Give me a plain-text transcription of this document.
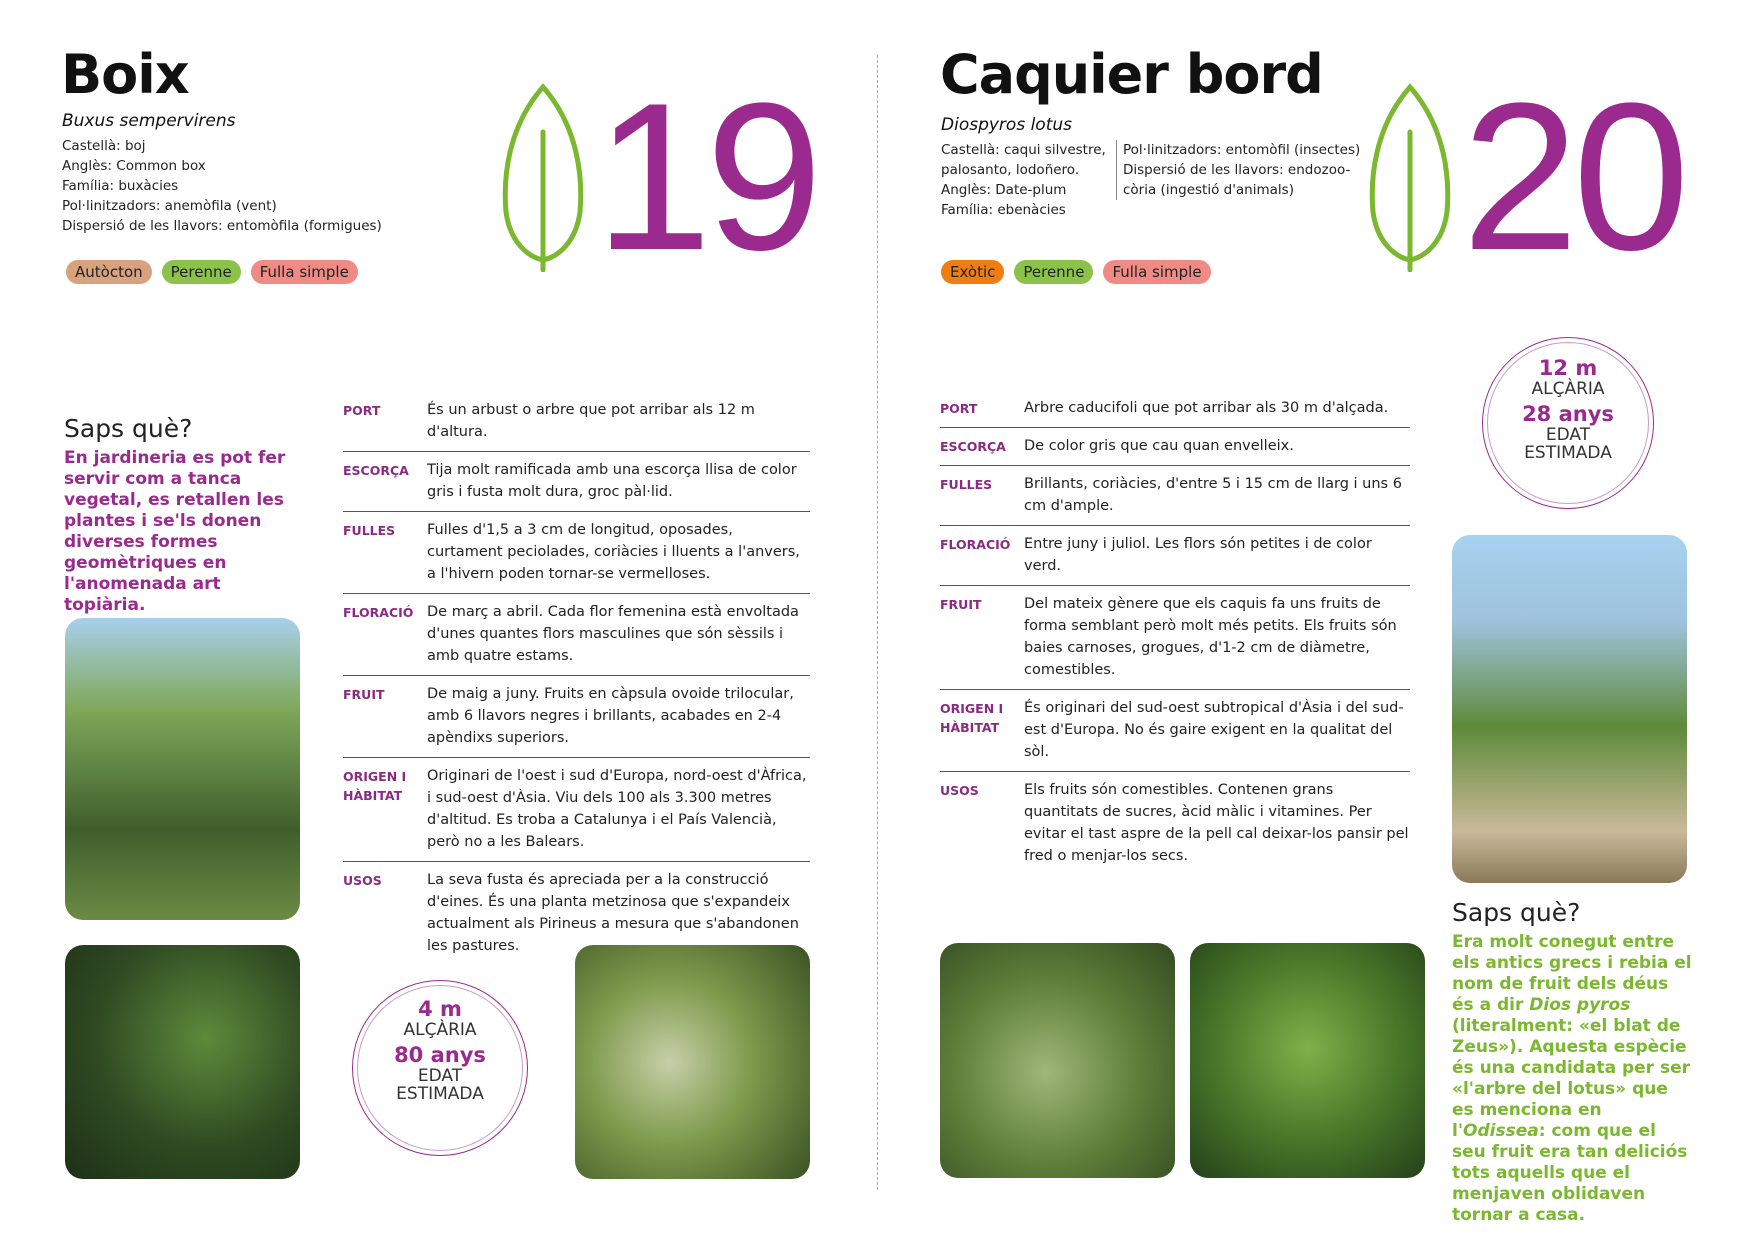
Boix
Buxus sempervirens
Castellà: boj
Anglès: Common box
Família: buxàcies
Pol·linitzadors: anemòfila (vent)
Dispersió de les llavors: entomòfila (formigues)
Autòcton	Perenne	Fulla simple 19
Saps què?
En jardineria es pot fer servir com a tanca vegetal, es retallen les plantes i se'ls donen diverses formes geomètriques en l'anomenada art topiària.
PORT	És un arbust o arbre que pot arribar als 12 m d'altura.
ESCORÇA	Tija molt ramificada amb una escorça llisa de color gris i fusta molt dura, groc pàl·lid.
FULLES	Fulles d'1,5 a 3 cm de longitud, oposades, curtament peciolades, coriàcies i lluents a l'anvers, a l'hivern poden tornar-se vermelloses.
FLORACIÓ	De març a abril. Cada flor femenina està envoltada d'unes quantes flors masculines que són sèssils i amb quatre estams.
FRUIT	De maig a juny. Fruits en càpsula ovoide trilocular, amb 6 llavors negres i brillants, acabades en 2-4 apèndixs superiors.
ORIGEN I HÀBITAT	Originari de l'oest i sud d'Europa, nord-oest d'Àfrica, i sud-oest d'Àsia. Viu dels 100 als 3.300 metres d'altitud. Es troba a Catalunya i el País Valencià, però no a les Balears.
USOS	La seva fusta és apreciada per a la construcció d'eines. És una planta metzinosa que s'expandeix actualment als Pirineus a mesura que s'abandonen les pastures.
4 m
ALÇÀRIA
80 anys
EDAT
ESTIMADA
Caquier bord
Diospyros lotus
Castellà: caqui silvestre,
palosanto, lodoñero.
Anglès: Date-plum
Família: ebenàcies
Pol·linitzadors: entomòfil (insectes)
Dispersió de les llavors: endozoo-
còria (ingestió d'animals)
Exòtic	Perenne	Fulla simple 20
PORT	Arbre caducifoli que pot arribar als 30 m d'alçada.
ESCORÇA	De color gris que cau quan envelleix.
FULLES	Brillants, coriàcies, d'entre 5 i 15 cm de llarg i uns 6 cm d'ample.
FLORACIÓ	Entre juny i juliol. Les flors són petites i de color verd.
FRUIT	Del mateix gènere que els caquis fa uns fruits de forma semblant però molt més petits. Els fruits són baies carnoses, grogues, d'1-2 cm de diàmetre, comestibles.
ORIGEN I HÀBITAT	És originari del sud-oest subtropical d'Àsia i del sud-est d'Europa. No és gaire exigent en la qualitat del sòl.
USOS	Els fruits són comestibles. Contenen grans quantitats de sucres, àcid màlic i vitamines. Per evitar el tast aspre de la pell cal deixar-los pansir pel fred o menjar-los secs.
12 m
ALÇÀRIA
28 anys
EDAT
ESTIMADA
Saps què?
Era molt conegut entre els antics grecs i rebia el nom de fruit dels déus és a dir Dios pyros (literalment: «el blat de Zeus»). Aquesta espècie és una candidata per ser «l'arbre del lotus» que es menciona en l'Odissea: com que el seu fruit era tan deliciós tots aquells que el menjaven oblidaven tornar a casa.
